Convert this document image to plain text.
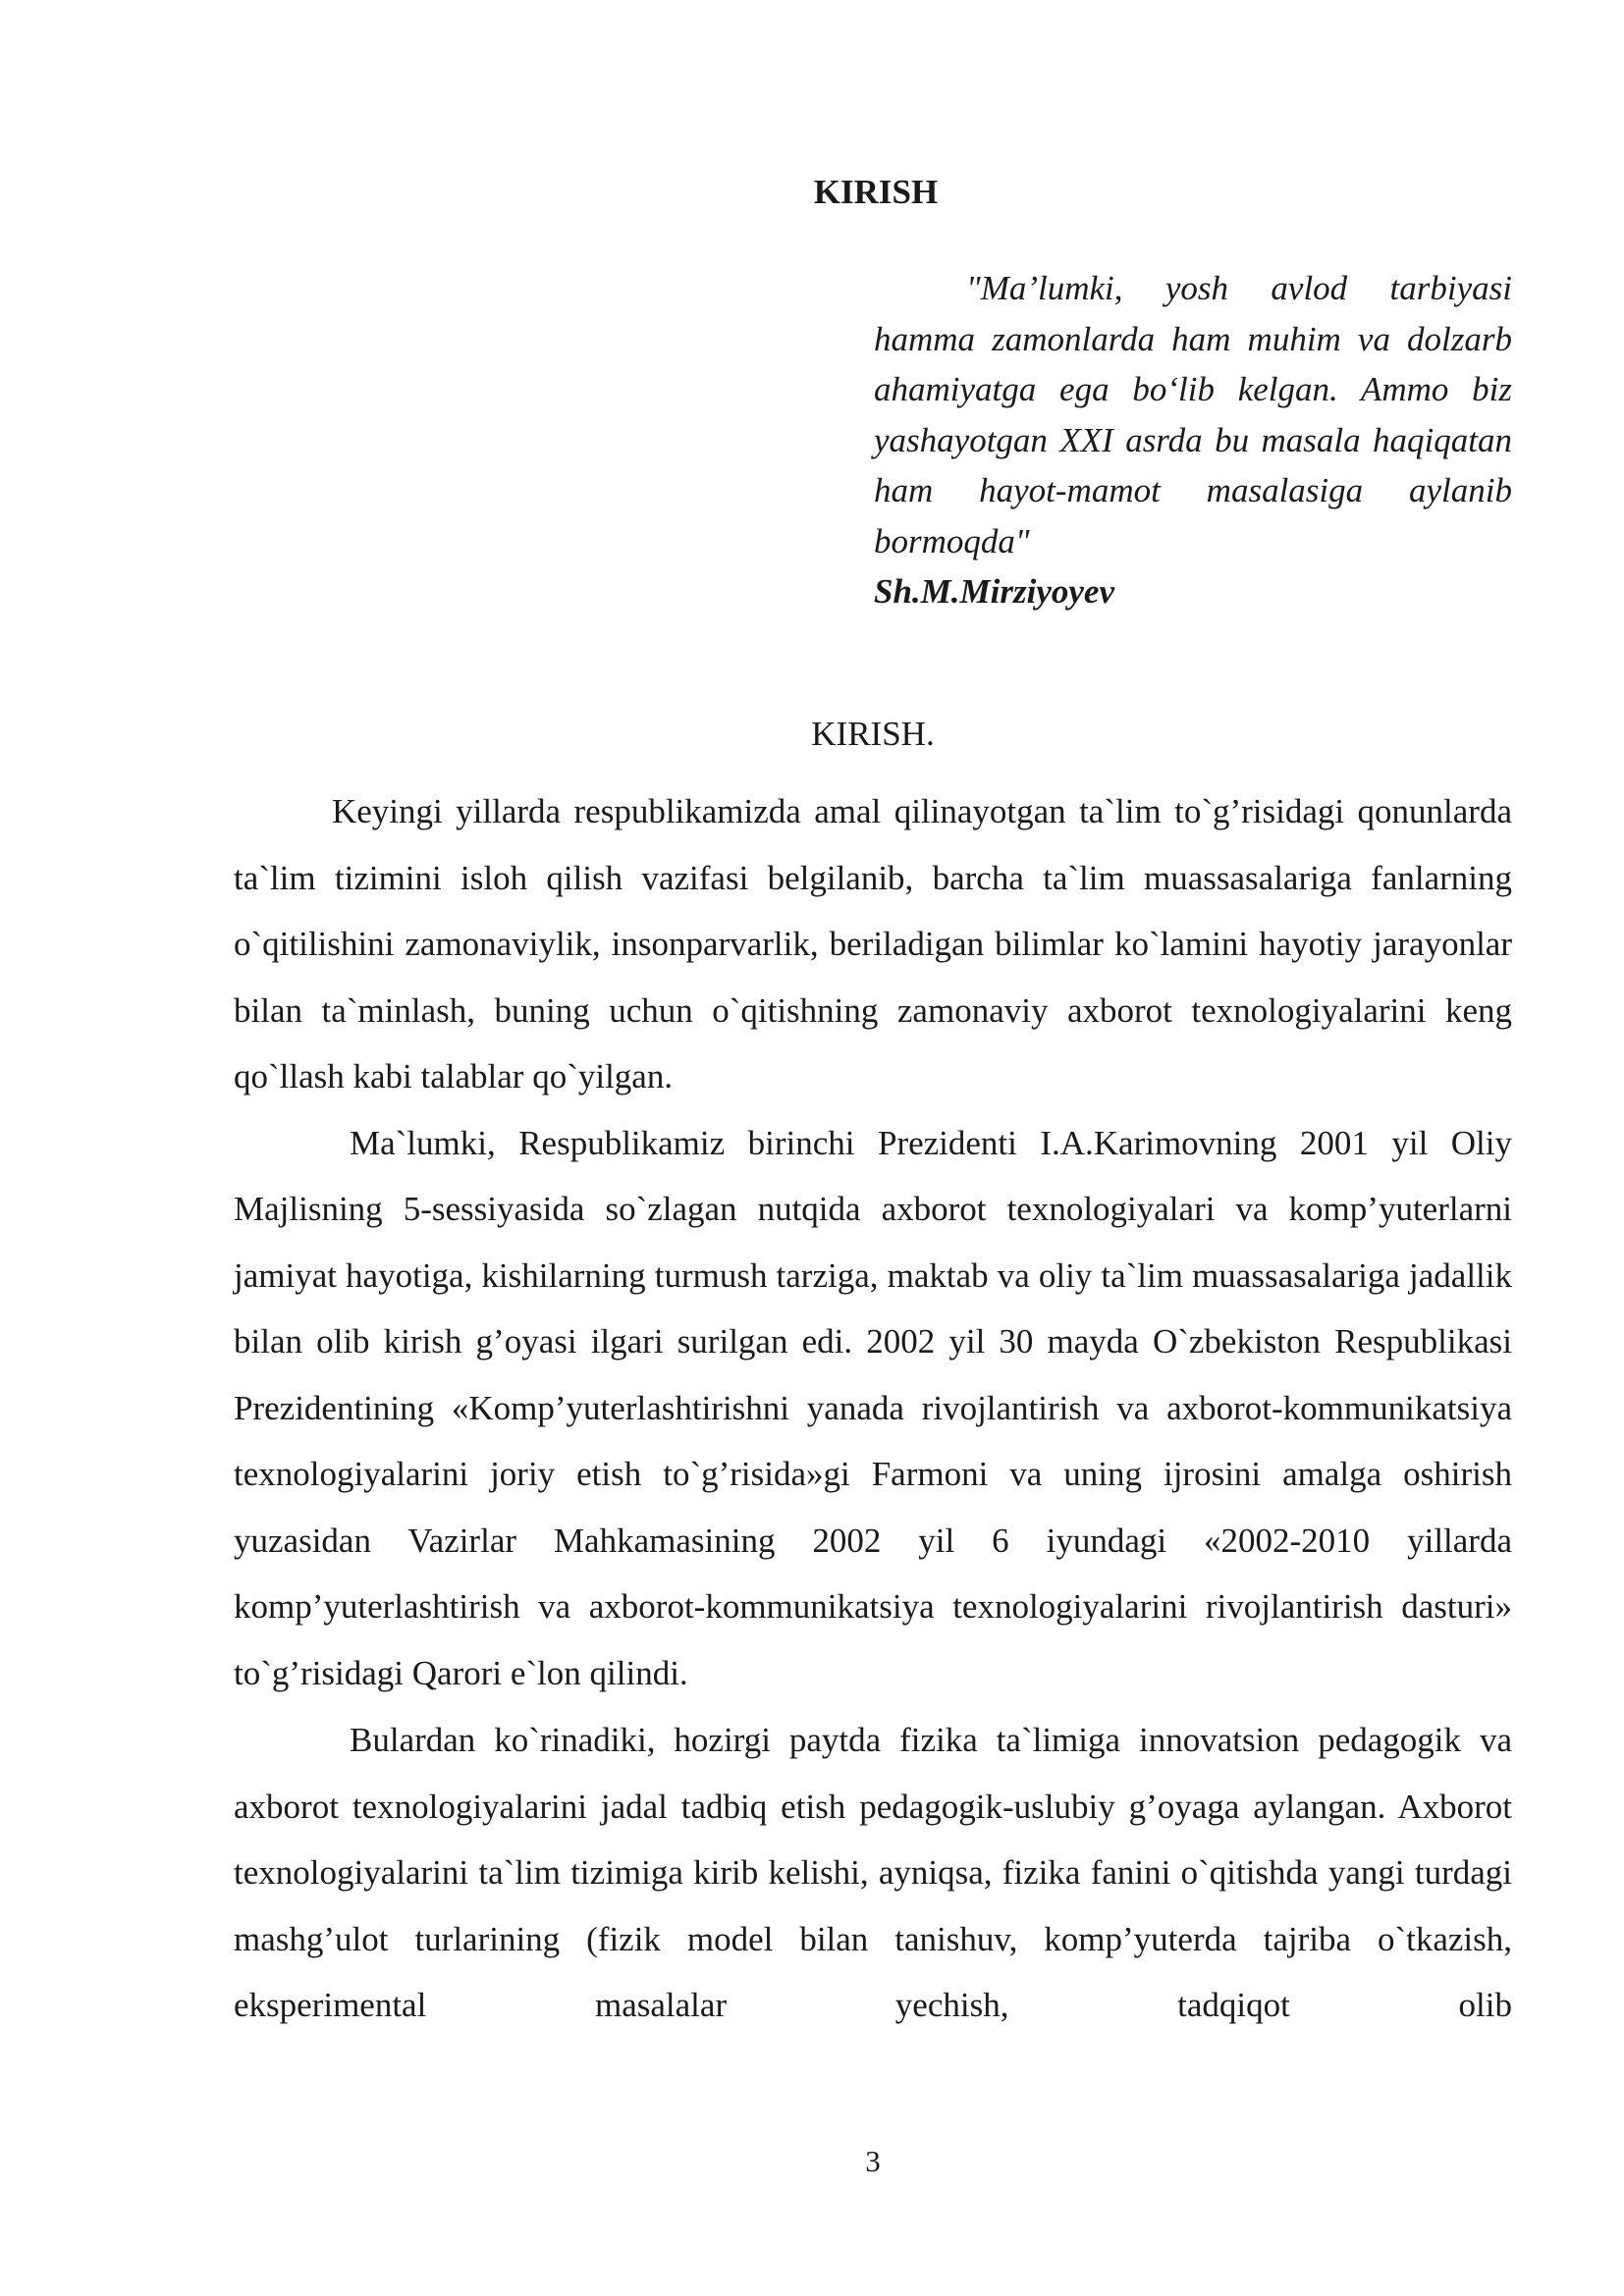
KIRISH

"Ma’lumki, yosh avlod tarbiyasi hamma zamonlarda ham muhim va dolzarb ahamiyatga ega bo‘lib kelgan. Ammo biz yashayotgan XXI asrda bu masala haqiqatan ham hayot-mamot masalasiga aylanib bormoqda"

Sh.M.Mirziyoyev

KIRISH.

Keyingi yillarda respublikamizda amal qilinayotgan ta`lim to`g’risidagi qonunlarda ta`lim tizimini isloh qilish vazifasi belgilanib, barcha ta`lim muassasalariga fanlarning o`qitilishini zamonaviylik, insonparvarlik, beriladigan bilimlar ko`lamini hayotiy jarayonlar bilan ta`minlash, buning uchun o`qitishning zamonaviy axborot texnologiyalarini keng qo`llash kabi talablar qo`yilgan.

Ma`lumki, Respublikamiz birinchi Prezidenti I.A.Karimovning 2001 yil Oliy Majlisning 5-sessiyasida so`zlagan nutqida axborot texnologiyalari va komp’yuterlarni jamiyat hayotiga, kishilarning turmush tarziga, maktab va oliy ta`lim muassasalariga jadallik bilan olib kirish g’oyasi ilgari surilgan edi. 2002 yil 30 mayda O`zbekiston Respublikasi Prezidentining «Komp’yuterlashtirishni yanada rivojlantirish va axborot-kommunikatsiya texnologiyalarini joriy etish to`g’risida»gi Farmoni va uning ijrosini amalga oshirish yuzasidan Vazirlar Mahkamasining 2002 yil 6 iyundagi «2002-2010 yillarda komp’yuterlashtirish va axborot-kommunikatsiya texnologiyalarini rivojlantirish dasturi» to`g’risidagi Qarori e`lon qilindi.

Bulardan ko`rinadiki, hozirgi paytda fizika ta`limiga innovatsion pedagogik va axborot texnologiyalarini jadal tadbiq etish pedagogik-uslubiy g’oyaga aylangan. Axborot texnologiyalarini ta`lim tizimiga kirib kelishi, ayniqsa, fizika fanini o`qitishda yangi turdagi mashg’ulot turlarining (fizik model bilan tanishuv, komp’yuterda tajriba o`tkazish, eksperimental masalalar yechish, tadqiqot olib

3
